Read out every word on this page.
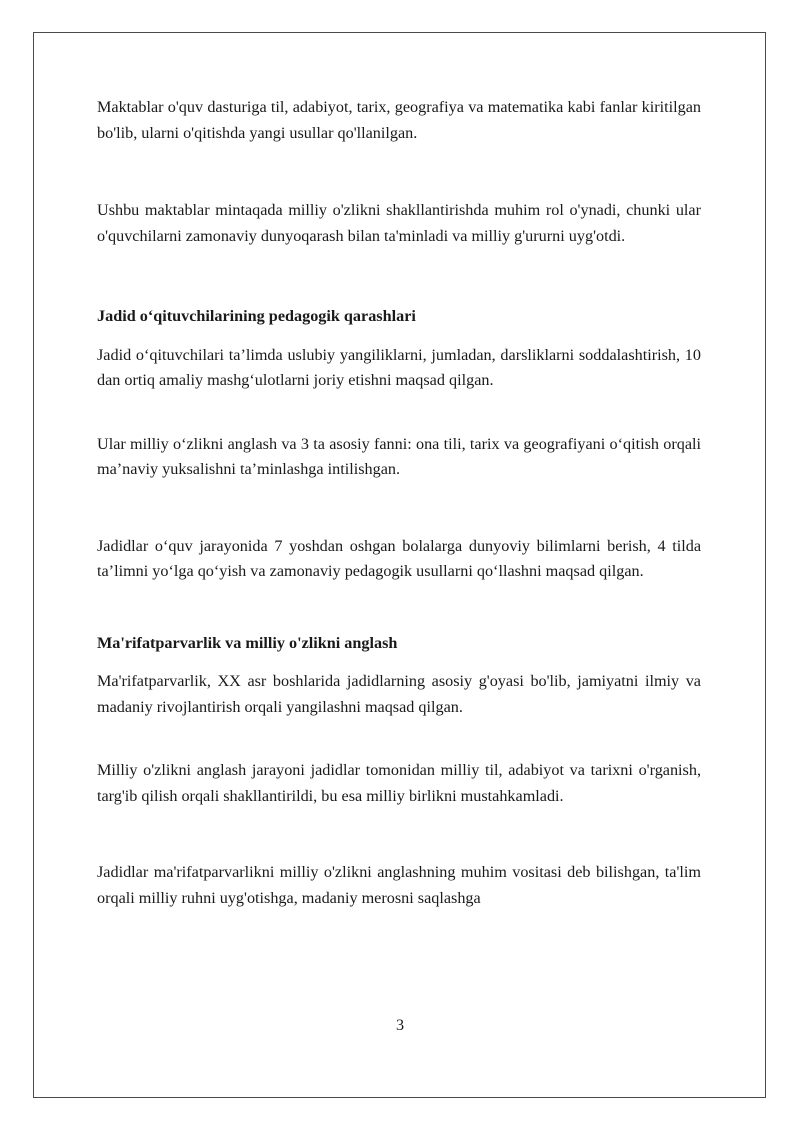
Maktablar o'quv dasturiga til, adabiyot, tarix, geografiya va matematika kabi fanlar kiritilgan bo'lib, ularni o'qitishda yangi usullar qo'llanilgan.

Ushbu maktablar mintaqada milliy o'zlikni shakllantirishda muhim rol o'ynadi, chunki ular o'quvchilarni zamonaviy dunyoqarash bilan ta'minladi va milliy g'ururni uyg'otdi.

Jadid o‘qituvchilarining pedagogik qarashlari

Jadid o‘qituvchilari ta’limda uslubiy yangiliklarni, jumladan, darsliklarni soddalashtirish, 10 dan ortiq amaliy mashg‘ulotlarni joriy etishni maqsad qilgan.

Ular milliy o‘zlikni anglash va 3 ta asosiy fanni: ona tili, tarix va geografiyani o‘qitish orqali ma’naviy yuksalishni ta’minlashga intilishgan.

Jadidlar o‘quv jarayonida 7 yoshdan oshgan bolalarga dunyoviy bilimlarni berish, 4 tilda ta’limni yo‘lga qo‘yish va zamonaviy pedagogik usullarni qo‘llashni maqsad qilgan.

Ma'rifatparvarlik va milliy o'zlikni anglash

Ma'rifatparvarlik, XX asr boshlarida jadidlarning asosiy g'oyasi bo'lib, jamiyatni ilmiy va madaniy rivojlantirish orqali yangilashni maqsad qilgan.

Milliy o'zlikni anglash jarayoni jadidlar tomonidan milliy til, adabiyot va tarixni o'rganish, targ'ib qilish orqali shakllantirildi, bu esa milliy birlikni mustahkamladi.

Jadidlar ma'rifatparvarlikni milliy o'zlikni anglashning muhim vositasi deb bilishgan, ta'lim orqali milliy ruhni uyg'otishga, madaniy merosni saqlashga

3
